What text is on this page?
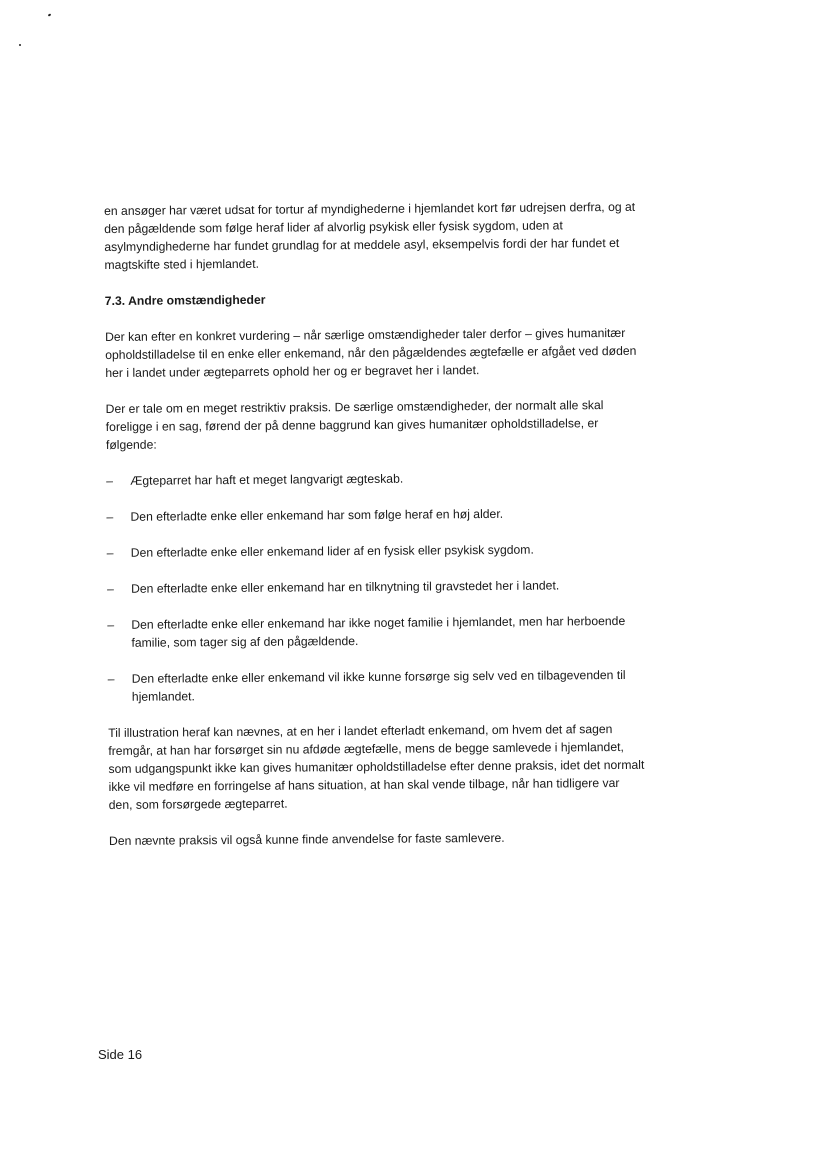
en ansøger har været udsat for tortur af myndighederne i hjemlandet kort før udrejsen derfra, og at den pågældende som følge heraf lider af alvorlig psykisk eller fysisk sygdom, uden at asylmyndighederne har fundet grundlag for at meddele asyl, eksempelvis fordi der har fundet et magtskifte sted i hjemlandet.

7.3. Andre omstændigheder

Der kan efter en konkret vurdering – når særlige omstændigheder taler derfor – gives humanitær opholdstilladelse til en enke eller enkemand, når den pågældendes ægtefælle er afgået ved døden her i landet under ægteparrets ophold her og er begravet her i landet.

Der er tale om en meget restriktiv praksis. De særlige omstændigheder, der normalt alle skal foreligge i en sag, førend der på denne baggrund kan gives humanitær opholdstilladelse, er følgende:

– Ægteparret har haft et meget langvarigt ægteskab.
– Den efterladte enke eller enkemand har som følge heraf en høj alder.
– Den efterladte enke eller enkemand lider af en fysisk eller psykisk sygdom.
– Den efterladte enke eller enkemand har en tilknytning til gravstedet her i landet.
– Den efterladte enke eller enkemand har ikke noget familie i hjemlandet, men har herboende familie, som tager sig af den pågældende.
– Den efterladte enke eller enkemand vil ikke kunne forsørge sig selv ved en tilbagevenden til hjemlandet.

Til illustration heraf kan nævnes, at en her i landet efterladt enkemand, om hvem det af sagen fremgår, at han har forsørget sin nu afdøde ægtefælle, mens de begge samlevede i hjemlandet, som udgangspunkt ikke kan gives humanitær opholdstilladelse efter denne praksis, idet det normalt ikke vil medføre en forringelse af hans situation, at han skal vende tilbage, når han tidligere var den, som forsørgede ægteparret.

Den nævnte praksis vil også kunne finde anvendelse for faste samlevere.

Side 16
